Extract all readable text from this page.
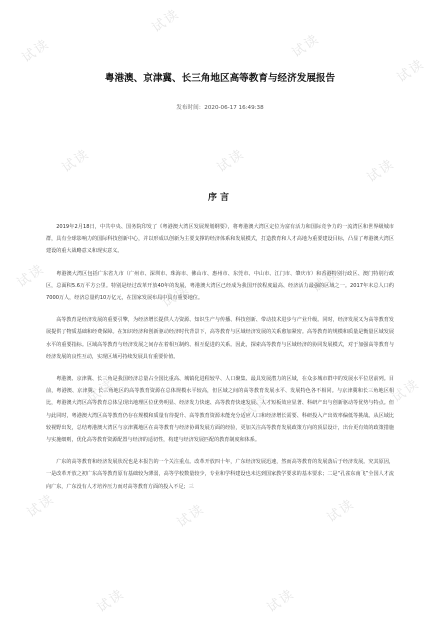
试读
试读
试读
试读
试读	试读	试读
试读
试读
试读
试读
试读
试读
试读	试读	试读
试读	试读
粤港澳、京津冀、长三角地区高等教育与经济发展报告
发布时间：2020-06-17 16:49:38
序言

2019年2月18日，中共中央、国务院印发了《粤港澳大湾区发展规划纲要》，将粤港澳大湾区定位为富有活力和国际竞争力的一流湾区和世界级城市群，具有全球影响力的国际科技创新中心，并以形成以创新为主要支撑的经济体系和发展模式，打造教育和人才高地为重要建设目标，凸显了粤港澳大湾区建设的重大战略意义和现实意义。

粤港澳大湾区包括广东省九市（广州市、深圳市、珠海市、佛山市、惠州市、东莞市、中山市、江门市、肇庆市）和香港特别行政区、澳门特别行政区，总面积5.6万平方公里。特别是经过改革开放40年的发展，粤港澳大湾区已经成为我国开放程度最高、经济活力最强的区域之一。2017年末总人口约7000万人，经济总量约10万亿元，在国家发展布局中具有重要地位。

高等教育是经济发展的重要引擎，为经济增长提供人力资源、知识生产与传播、科技创新、带动技术进步与产业升级。同时，经济发展又为高等教育发展提供了物质基础和经费保障。在知识经济和创新驱动经济时代背景下，高等教育与区域经济发展的关系愈加紧密。高等教育的规模和质量是衡量区域发展水平的重要指标。区域高等教育与经济发展之间存在着相互制约、相互促进的关系。因此，探索高等教育与区域经济的协同发展模式，对于加强高等教育与经济发展的良性互动，实现区域可持续发展具有重要价值。

粤港澳、京津冀、长三角是我国经济总量占全国比重高、城镇化进程较早、人口聚集、最具发展潜力的区域，在众多城市群中的发展水平位居前列。目前，粤港澳、京津冀、长三角地区的高等教育资源在总体规模水平较高，但区域之间的高等教育发展水平、发展特色各不相同。与京津冀和长三角地区相比，粤港澳大湾区高等教育总体呈现出地理区位优势明显、经济发力快速、高等教育快速发展、人才短板效应显著、科研产出与创新驱动等优势与特点。但与此同时，粤港澳大湾区高等教育仍存在规模和质量有待提升、高等教育资源未能充分适应人口和经济增长需要、科研投入产出效率偏低等挑战。从区域比较视野出发，总结粤港澳大湾区与京津冀地区在高等教育与经济协调发展方面的经验，更加关注高等教育发展政策方向的顶层设计，出台更有效的政策措施与实施细则，优化高等教育资源配置与经济的适切性，构建与经济发展匹配的教育制度和体系。

广东的高等教育和经济发展状况也是本报告的一个关注重点。改革开放四十年，广东经济发展迅速，然而高等教育的发展落后于经济发展。究其原因，一是改革开放之初广东高等教育原有基础较为薄弱，高等学校数量较少，专业和学科建设也未达到国家教学要求的基本要求；二是“孔雀东南飞”全国人才流向广东，广东没有人才培养压力而对高等教育方面的投入不足；三
